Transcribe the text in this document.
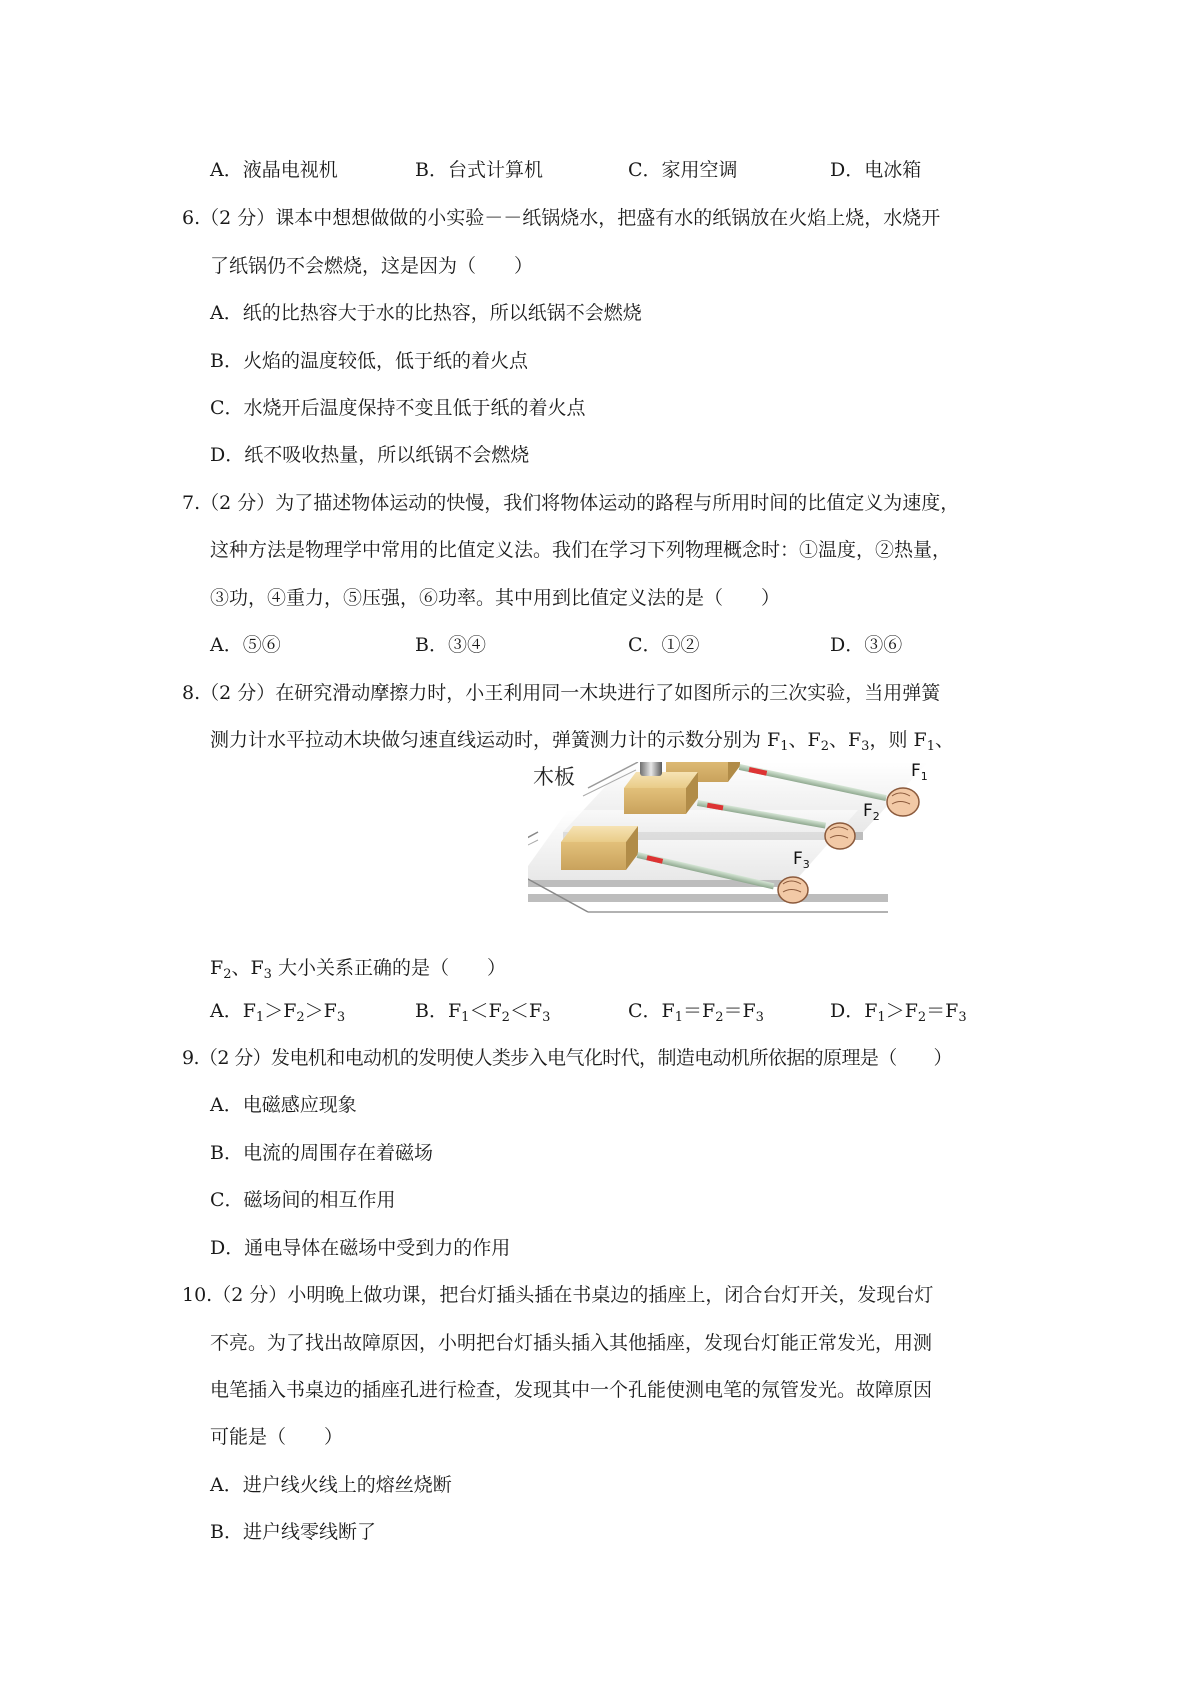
A．液晶电视机	B．台式计算机	C．家用空调	D．电冰箱
6.（2 分）课本中想想做做的小实验－－纸锅烧水，把盛有水的纸锅放在火焰上烧，水烧开
了纸锅仍不会燃烧，这是因为（　　）
A．纸的比热容大于水的比热容，所以纸锅不会燃烧
B．火焰的温度较低，低于纸的着火点
C．水烧开后温度保持不变且低于纸的着火点
D．纸不吸收热量，所以纸锅不会燃烧
7.（2 分）为了描述物体运动的快慢，我们将物体运动的路程与所用时间的比值定义为速度，
这种方法是物理学中常用的比值定义法。我们在学习下列物理概念时：①温度，②热量，
③功，④重力，⑤压强，⑥功率。其中用到比值定义法的是（　　）
A．⑤⑥	B．③④	C．①②	D．③⑥
8.（2 分）在研究滑动摩擦力时，小王利用同一木块进行了如图所示的三次实验，当用弹簧
测力计水平拉动木块做匀速直线运动时，弹簧测力计的示数分别为 $F_1$、$F_2$、$F_3$，则 $F_1$、
木板	$F_1$
$F_2$
$F_3$
$F_2$、$F_3$ 大小关系正确的是（　　）
A．$F_1>F_2>F_3$	B．$F_1<F_2<F_3$	C．$F_1=F_2=F_3$	D．$F_1>F_2=F_3$
9.（2 分）发电机和电动机的发明使人类步入电气化时代，制造电动机所依据的原理是（　　）
A．电磁感应现象
B．电流的周围存在着磁场
C．磁场间的相互作用
D．通电导体在磁场中受到力的作用
10.（2 分）小明晚上做功课，把台灯插头插在书桌边的插座上，闭合台灯开关，发现台灯
不亮。为了找出故障原因，小明把台灯插头插入其他插座，发现台灯能正常发光，用测
电笔插入书桌边的插座孔进行检查，发现其中一个孔能使测电笔的氖管发光。故障原因
可能是（　　）
A．进户线火线上的熔丝烧断
B．进户线零线断了
